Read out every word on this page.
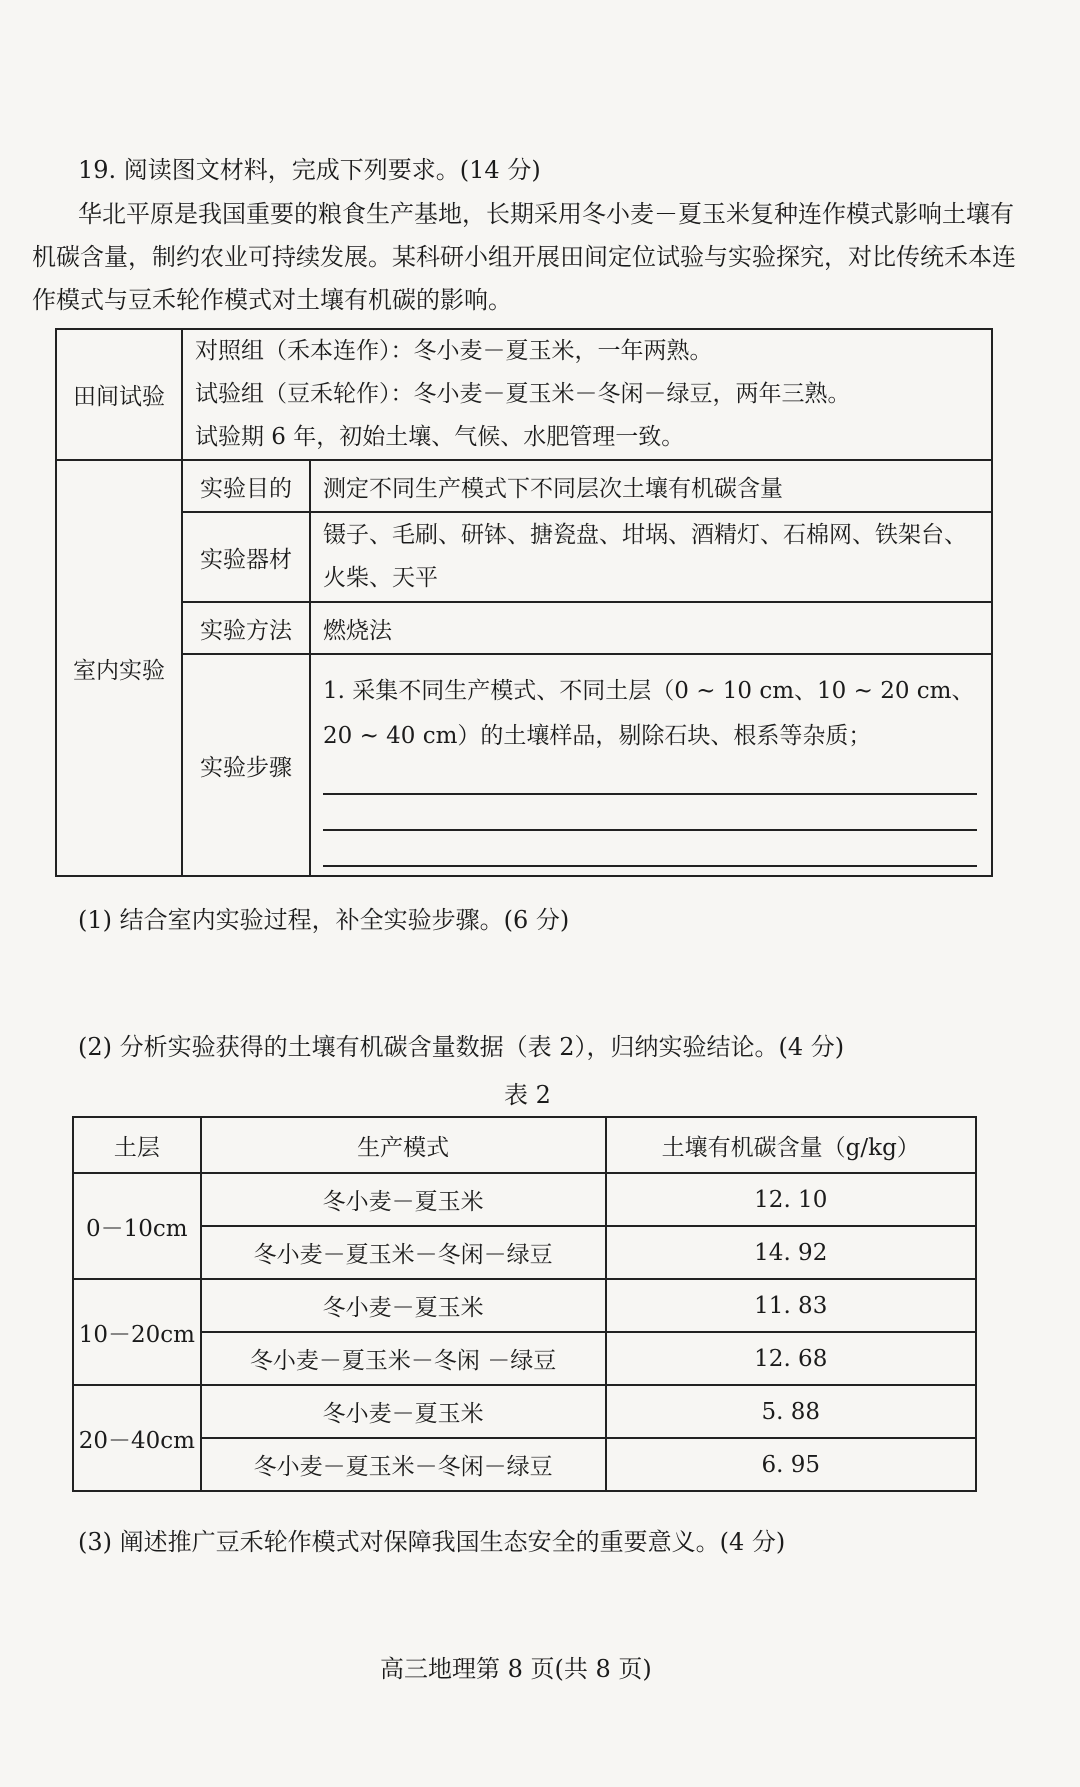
19. 阅读图文材料，完成下列要求。(14 分)
华北平原是我国重要的粮食生产基地，长期采用冬小麦－夏玉米复种连作模式影响土壤有机碳含量，制约农业可持续发展。某科研小组开展田间定位试验与实验探究，对比传统禾本连作模式与豆禾轮作模式对土壤有机碳的影响。
田间试验	对照组（禾本连作）：冬小麦－夏玉米，一年两熟。
试验组（豆禾轮作）：冬小麦－夏玉米－冬闲－绿豆，两年三熟。
试验期 6 年，初始土壤、气候、水肥管理一致。	

室内实验	实验目的	测定不同生产模式下不同层次土壤有机碳含量
	实验器材	镊子、毛刷、研钵、搪瓷盘、坩埚、酒精灯、石棉网、铁架台、火柴、天平
	实验方法	燃烧法
	实验步骤	1. 采集不同生产模式、不同土层（0 ~ 10 cm、10 ~ 20 cm、20 ~ 40 cm）的土壤样品，剔除石块、根系等杂质；
(1) 结合室内实验过程，补全实验步骤。(6 分)
(2) 分析实验获得的土壤有机碳含量数据（表 2），归纳实验结论。(4 分)
表 2
土层	生产模式	土壤有机碳含量（g/kg）
0－10cm	冬小麦－夏玉米	12. 10
	冬小麦－夏玉米－冬闲－绿豆	14. 92
10－20cm	冬小麦－夏玉米	11. 83
	冬小麦－夏玉米－冬闲 －绿豆	12. 68
20－40cm	冬小麦－夏玉米	5. 88
	冬小麦－夏玉米－冬闲－绿豆	6. 95
(3) 阐述推广豆禾轮作模式对保障我国生态安全的重要意义。(4 分)
高三地理第 8 页(共 8 页)
